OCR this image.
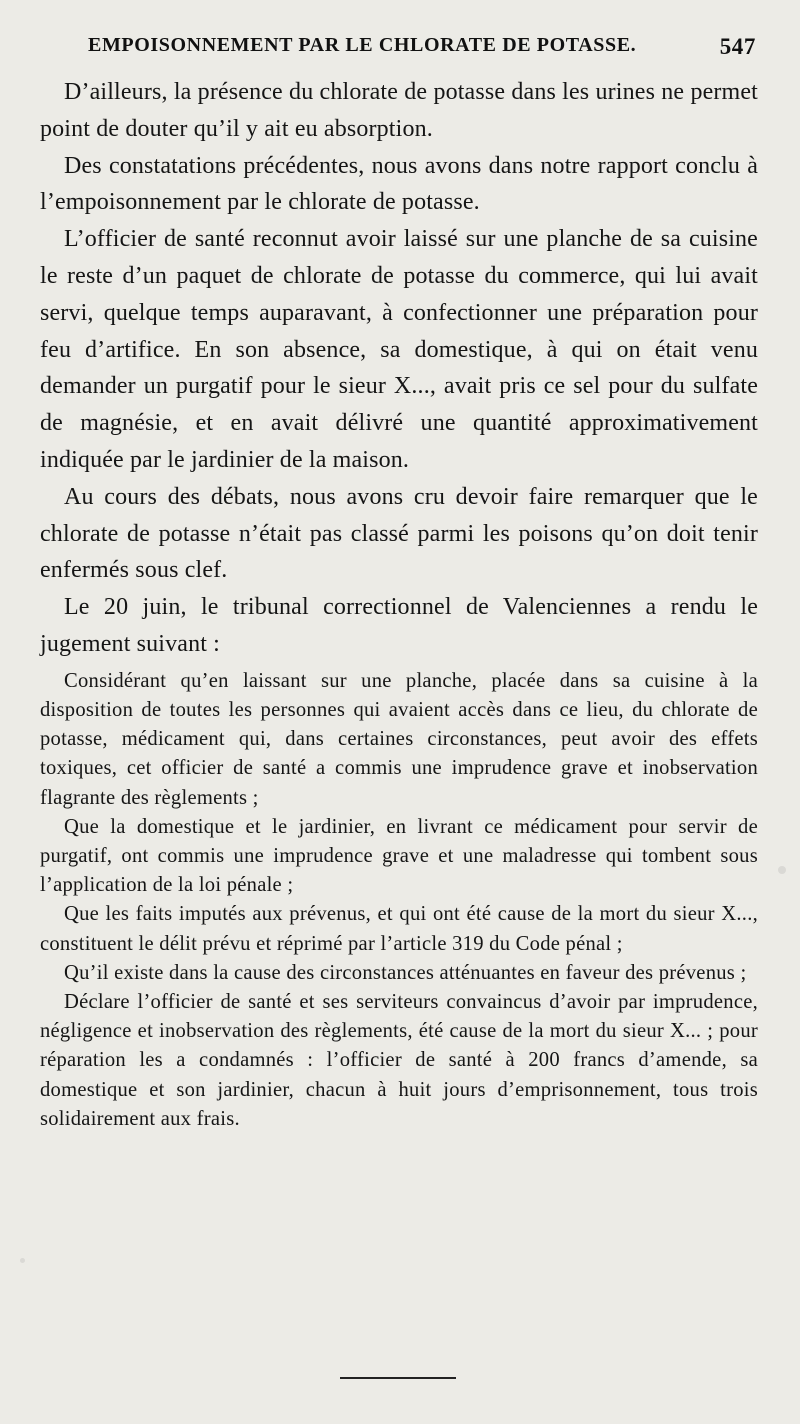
EMPOISONNEMENT PAR LE CHLORATE DE POTASSE.	547

D’ailleurs, la présence du chlorate de potasse dans les urines ne permet point de douter qu’il y ait eu absorption.

Des constatations précédentes, nous avons dans notre rapport conclu à l’empoisonnement par le chlorate de potasse.

L’officier de santé reconnut avoir laissé sur une planche de sa cuisine le reste d’un paquet de chlorate de potasse du commerce, qui lui avait servi, quelque temps auparavant, à confectionner une préparation pour feu d’artifice. En son absence, sa domestique, à qui on était venu demander un purgatif pour le sieur X..., avait pris ce sel pour du sulfate de magnésie, et en avait délivré une quantité approximativement indiquée par le jardinier de la maison.

Au cours des débats, nous avons cru devoir faire remarquer que le chlorate de potasse n’était pas classé parmi les poisons qu’on doit tenir enfermés sous clef.

Le 20 juin, le tribunal correctionnel de Valenciennes a rendu le jugement suivant :

Considérant qu’en laissant sur une planche, placée dans sa cuisine à la disposition de toutes les personnes qui avaient accès dans ce lieu, du chlorate de potasse, médicament qui, dans certaines circonstances, peut avoir des effets toxiques, cet officier de santé a commis une imprudence grave et inobservation flagrante des règlements ;

Que la domestique et le jardinier, en livrant ce médicament pour servir de purgatif, ont commis une imprudence grave et une maladresse qui tombent sous l’application de la loi pénale ;

Que les faits imputés aux prévenus, et qui ont été cause de la mort du sieur X..., constituent le délit prévu et réprimé par l’article 319 du Code pénal ;

Qu’il existe dans la cause des circonstances atténuantes en faveur des prévenus ;

Déclare l’officier de santé et ses serviteurs convaincus d’avoir par imprudence, négligence et inobservation des règlements, été cause de la mort du sieur X... ; pour réparation les a condamnés : l’officier de santé à 200 francs d’amende, sa domestique et son jardinier, chacun à huit jours d’emprisonnement, tous trois solidairement aux frais.
